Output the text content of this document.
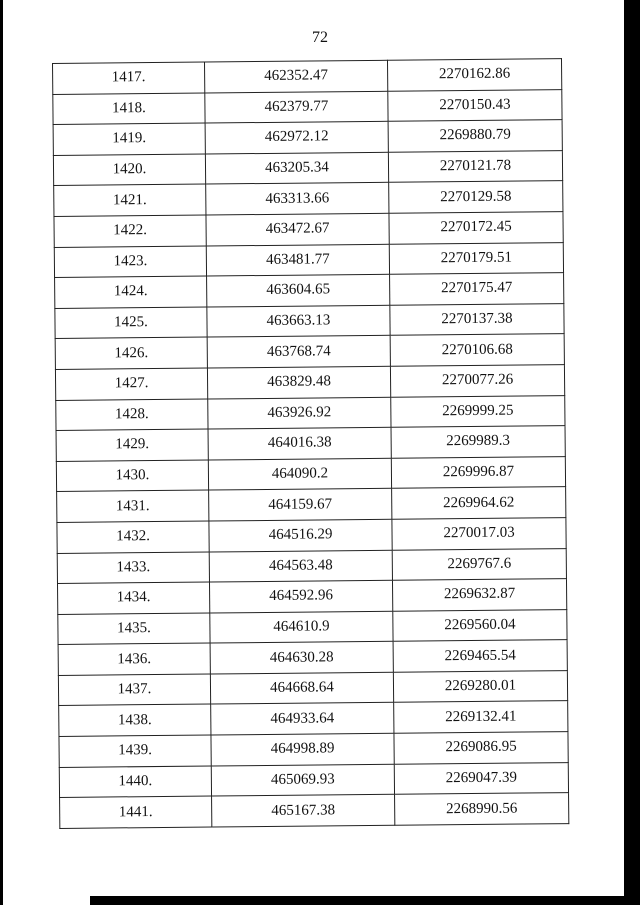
72
1417.	462352.47	2270162.86
1418.	462379.77	2270150.43
1419.	462972.12	2269880.79
1420.	463205.34	2270121.78
1421.	463313.66	2270129.58
1422.	463472.67	2270172.45
1423.	463481.77	2270179.51
1424.	463604.65	2270175.47
1425.	463663.13	2270137.38
1426.	463768.74	2270106.68
1427.	463829.48	2270077.26
1428.	463926.92	2269999.25
1429.	464016.38	2269989.3
1430.	464090.2	2269996.87
1431.	464159.67	2269964.62
1432.	464516.29	2270017.03
1433.	464563.48	2269767.6
1434.	464592.96	2269632.87
1435.	464610.9	2269560.04
1436.	464630.28	2269465.54
1437.	464668.64	2269280.01
1438.	464933.64	2269132.41
1439.	464998.89	2269086.95
1440.	465069.93	2269047.39
1441.	465167.38	2268990.56
